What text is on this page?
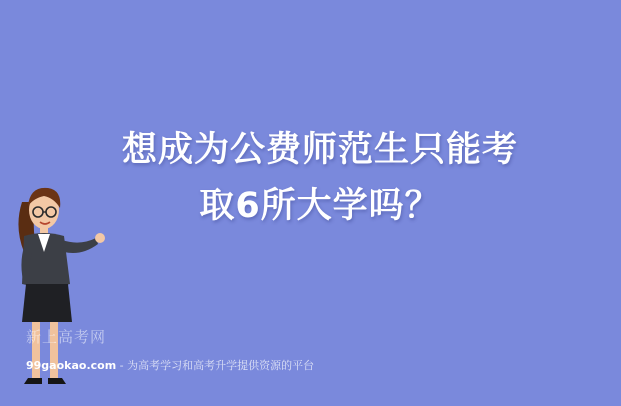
想成为公费师范生只能考
取6所大学吗？
新上高考网
99gaokao.com - 为高考学习和高考升学提供资源的平台
